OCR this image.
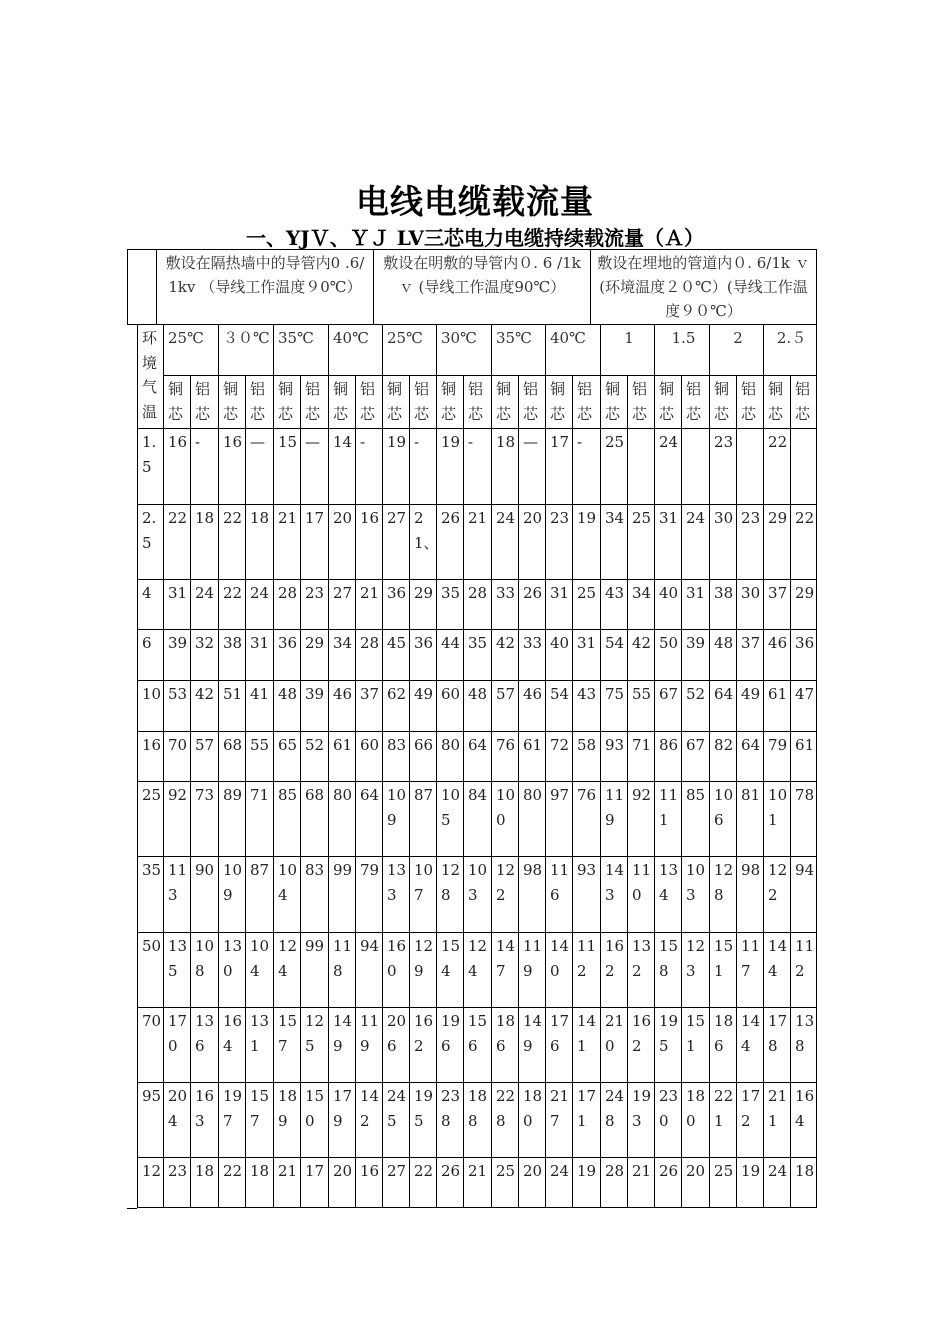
电线电缆载流量
一、YJＶ、ＹＪ LV三芯电力电缆持续载流量（Ａ）
	敷设在隔热墙中的导管内0 .6/1kv （导线工作温度９0℃）	敷设在明敷的导管内０. 6 /1k ｖ (导线工作温度90℃）	敷设在埋地的管道内０. 6/1k ｖ(环境温度２０℃）(导线工作温度９０℃）
环境气温	25℃		３０℃		35℃		40℃		25℃		30℃		35℃		40℃		1		1.5		2		2.５	
	铜芯	铝芯	铜芯	铝芯	铜芯	铝芯	铜芯	铝芯	铜芯	铝芯	铜芯	铝芯	铜芯	铝芯	铜芯	铝芯	铜芯	铝芯	铜芯	铝芯	铜芯	铝芯	铜芯	铝芯
1.5	16	-	16	—	15	—	14	-	19	-	19	-	18	—	17	-	25		24		23		22	
2.5	22	18	22	18	21	17	20	16	27	21、	26	21	24	20	23	19	34	25	31	24	30	23	29	22
4	31	24	22	24	28	23	27	21	36	29	35	28	33	26	31	25	43	34	40	31	38	30	37	29
6	39	32	38	31	36	29	34	28	45	36	44	35	42	33	40	31	54	42	50	39	48	37	46	36
10	53	42	51	41	48	39	46	37	62	49	60	48	57	46	54	43	75	55	67	52	64	49	61	47
16	70	57	68	55	65	52	61	60	83	66	80	64	76	61	72	58	93	71	86	67	82	64	79	61
25	92	73	89	71	85	68	80	64	109	87	105	84	100	80	97	76	119	92	111	85	106	81	101	78
35	113	90	109	87	104	83	99	79	133	107	128	103	122	98	116	93	143	110	134	103	128	98	122	94
50	135	108	130	104	124	99	118	94	160	129	154	124	147	119	140	112	162	132	158	123	151	117	144	112
70	170	136	164	131	157	125	149	119	206	162	196	156	186	149	176	141	210	162	195	151	186	144	178	138
95	204	163	197	157	189	150	179	142	245	195	238	188	228	180	217	171	248	193	230	180	221	172	211	164
12	23	18	22	18	21	17	20	16	27	22	26	21	25	20	24	19	28	21	26	20	25	19	24	18
